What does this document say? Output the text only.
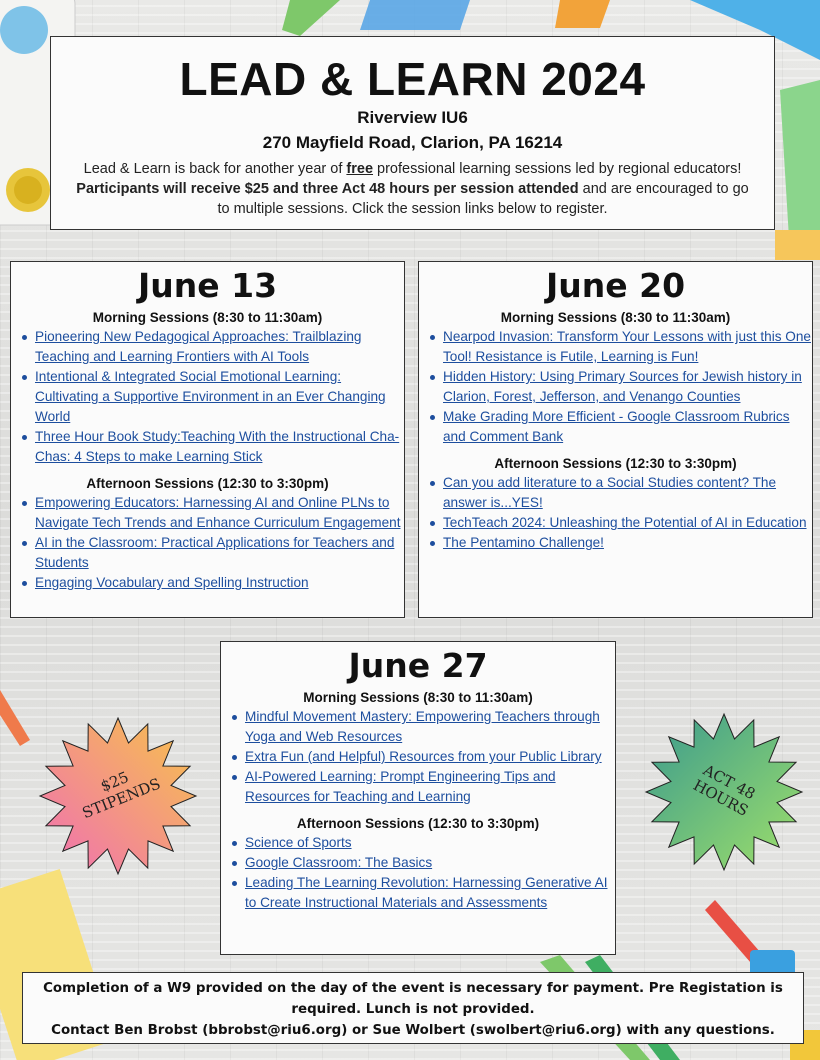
LEAD & LEARN 2024
Riverview IU6
270 Mayfield Road, Clarion, PA 16214
Lead & Learn is back for another year of free professional learning sessions led by regional educators! Participants will receive $25 and three Act 48 hours per session attended and are encouraged to go to multiple sessions. Click the session links below to register.
June 13
Morning Sessions (8:30 to 11:30am)
Pioneering New Pedagogical Approaches: Trailblazing Teaching and Learning Frontiers with AI Tools
Intentional & Integrated Social Emotional Learning: Cultivating a Supportive Environment in an Ever Changing World
Three Hour Book Study:Teaching With the Instructional Cha-Chas: 4 Steps to make Learning Stick
Afternoon Sessions (12:30 to 3:30pm)
Empowering Educators: Harnessing AI and Online PLNs to Navigate Tech Trends and Enhance Curriculum Engagement
AI in the Classroom: Practical Applications for Teachers and Students
Engaging Vocabulary and Spelling Instruction
June 20
Morning Sessions (8:30 to 11:30am)
Nearpod Invasion: Transform Your Lessons with just this One Tool! Resistance is Futile, Learning is Fun!
Hidden History: Using Primary Sources for Jewish history in Clarion, Forest, Jefferson, and Venango Counties
Make Grading More Efficient - Google Classroom Rubrics and Comment Bank
Afternoon Sessions (12:30 to 3:30pm)
Can you add literature to a Social Studies content? The answer is...YES!
TechTeach 2024: Unleashing the Potential of AI in Education
The Pentamino Challenge!
June 27
Morning Sessions (8:30 to 11:30am)
Mindful Movement Mastery: Empowering Teachers through Yoga and Web Resources
Extra Fun (and Helpful) Resources from your Public Library
AI-Powered Learning: Prompt Engineering Tips and Resources for Teaching and Learning
Afternoon Sessions (12:30 to 3:30pm)
Science of Sports
Google Classroom: The Basics
Leading The Learning Revolution: Harnessing Generative AI to Create Instructional Materials and Assessments
$25 STIPENDS	ACT 48 HOURS
Completion of a W9 provided on the day of the event is necessary for payment. Pre Registation is required. Lunch is not provided.
Contact Ben Brobst (bbrobst@riu6.org) or Sue Wolbert (swolbert@riu6.org) with any questions.
